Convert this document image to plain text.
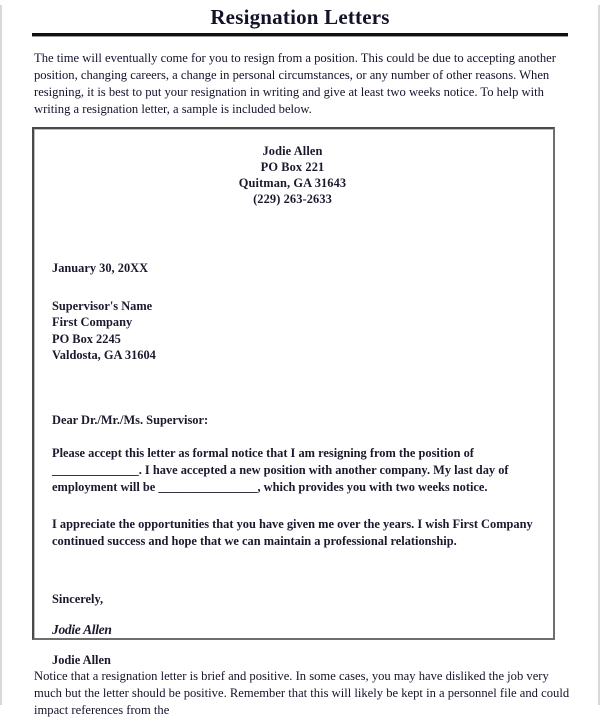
Resignation Letters

The time will eventually come for you to resign from a position. This could be due to accepting another position, changing careers, a change in personal circumstances, or any number of other reasons. When resigning, it is best to put your resignation in writing and give at least two weeks notice. To help with writing a resignation letter, a sample is included below.

Jodie Allen
PO Box 221
Quitman, GA 31643
(229) 263-2633
January 30, 20XX
Supervisor's Name
First Company
PO Box 2245
Valdosta, GA 31604
Dear Dr./Mr./Ms. Supervisor:
Please accept this letter as formal notice that I am resigning from the position of ______________. I have accepted a new position with another company. My last day of employment will be ________________, which provides you with two weeks notice.
I appreciate the opportunities that you have given me over the years. I wish First Company continued success and hope that we can maintain a professional relationship.
Sincerely,
Jodie Allen
Jodie Allen

Notice that a resignation letter is brief and positive. In some cases, you may have disliked the job very much but the letter should be positive. Remember that this will likely be kept in a personnel file and could impact references from the
